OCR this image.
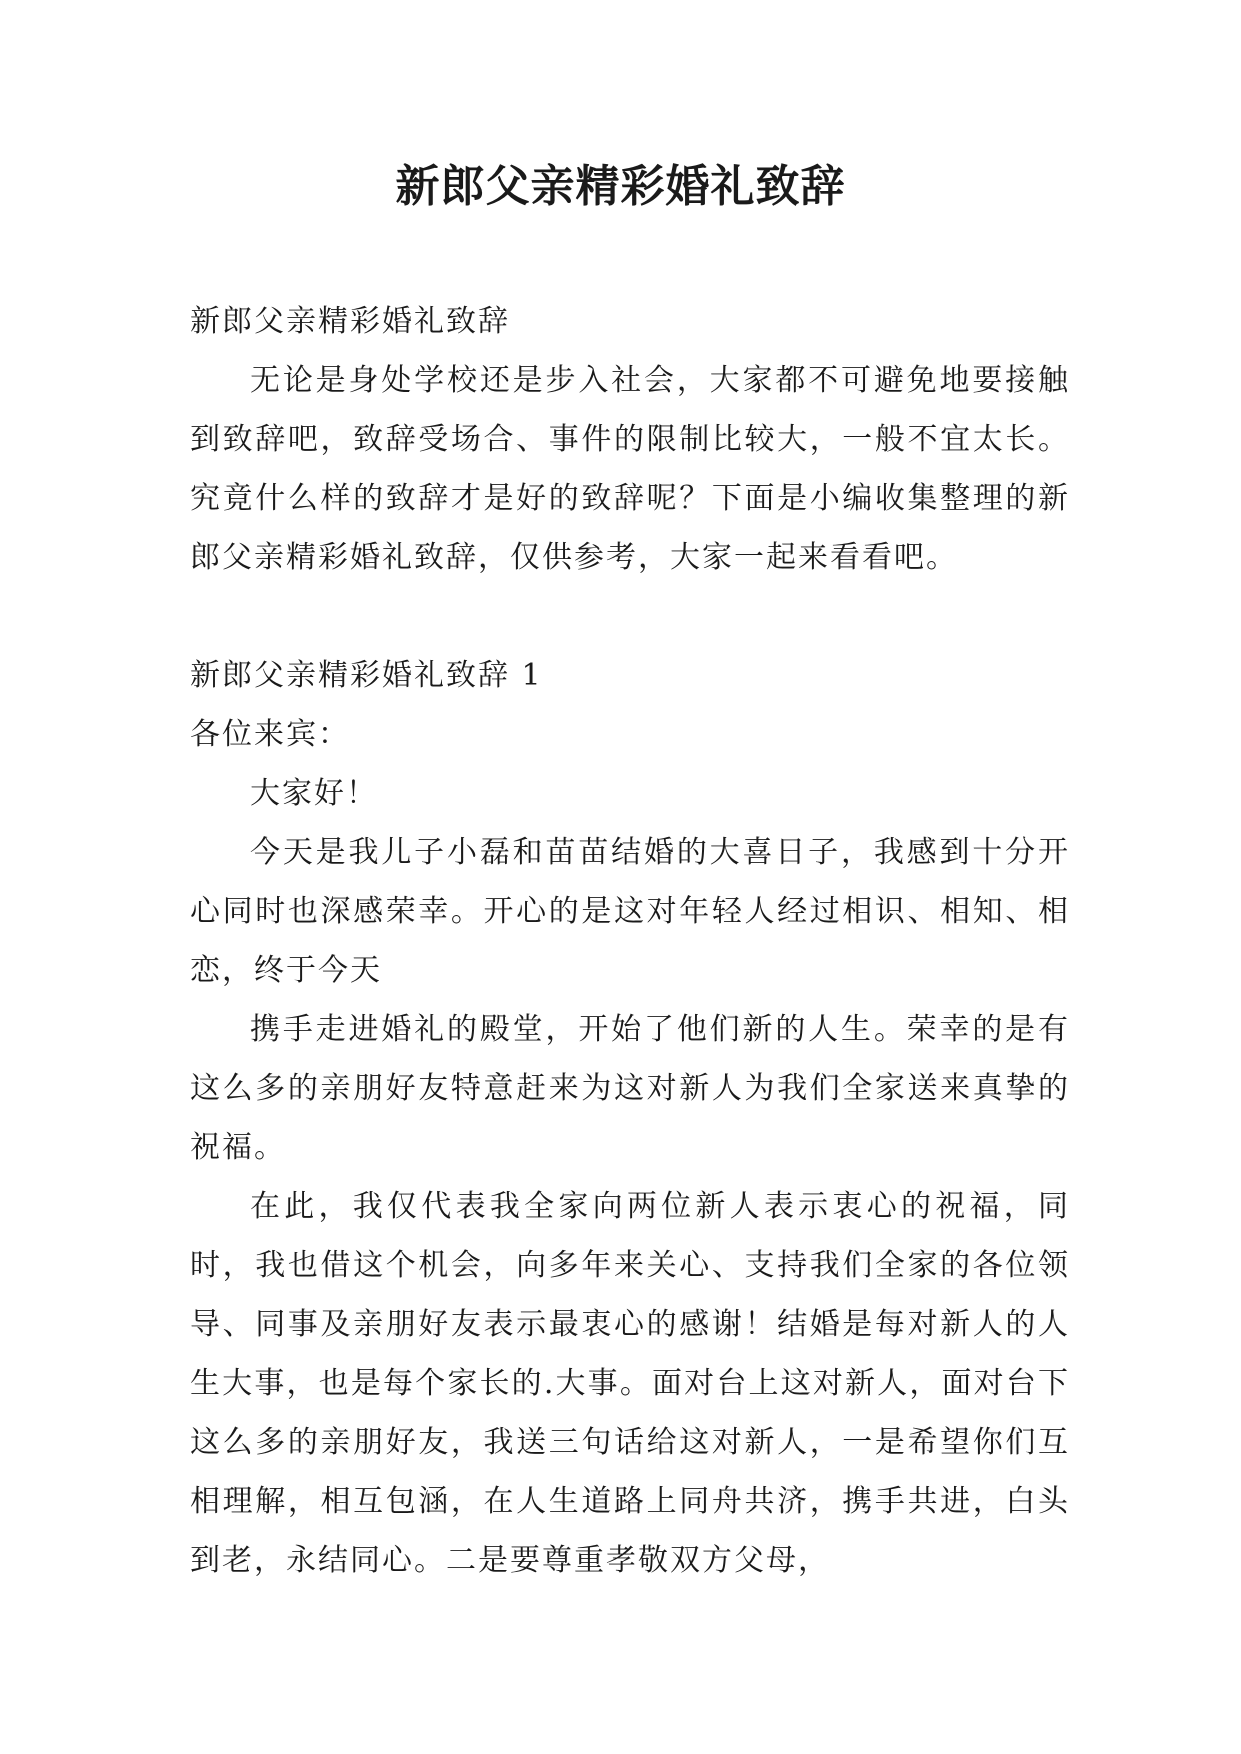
新郎父亲精彩婚礼致辞

新郎父亲精彩婚礼致辞

无论是身处学校还是步入社会，大家都不可避免地要接触到致辞吧，致辞受场合、事件的限制比较大，一般不宜太长。究竟什么样的致辞才是好的致辞呢？下面是小编收集整理的新郎父亲精彩婚礼致辞，仅供参考，大家一起来看看吧。

新郎父亲精彩婚礼致辞 1

各位来宾：

大家好！

今天是我儿子小磊和苗苗结婚的大喜日子，我感到十分开心同时也深感荣幸。开心的是这对年轻人经过相识、相知、相恋，终于今天

携手走进婚礼的殿堂，开始了他们新的人生。荣幸的是有这么多的亲朋好友特意赶来为这对新人为我们全家送来真挚的祝福。

在此，我仅代表我全家向两位新人表示衷心的祝福，同时，我也借这个机会，向多年来关心、支持我们全家的各位领导、同事及亲朋好友表示最衷心的感谢！结婚是每对新人的人生大事，也是每个家长的.大事。面对台上这对新人，面对台下这么多的亲朋好友，我送三句话给这对新人，一是希望你们互相理解，相互包涵，在人生道路上同舟共济，携手共进，白头到老，永结同心。二是要尊重孝敬双方父母，
